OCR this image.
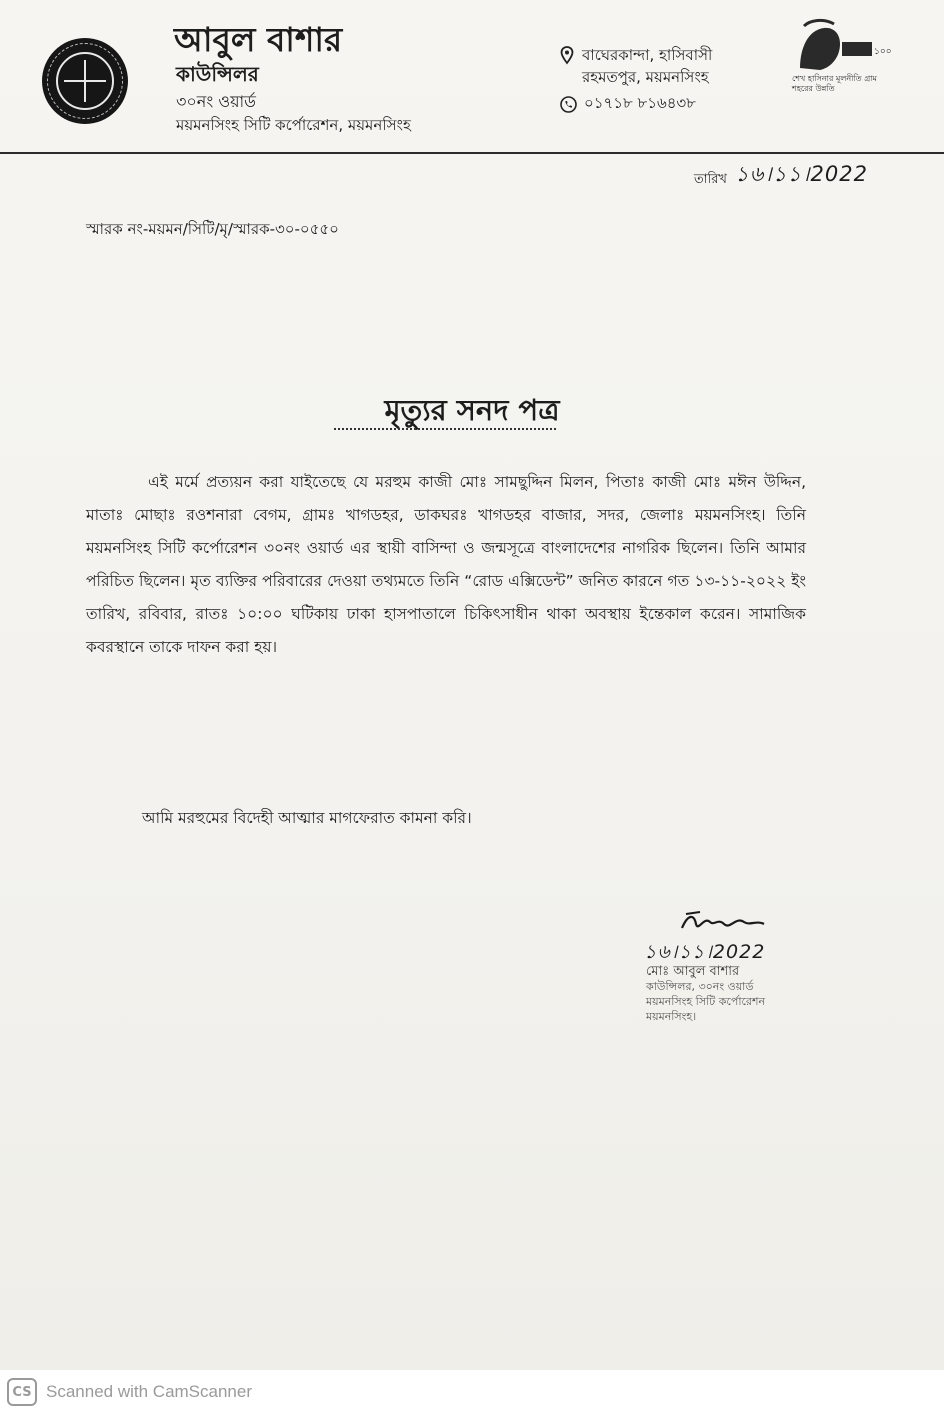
আবুল বাশার
কাউন্সিলর
৩০নং ওয়ার্ড
ময়মনসিংহ সিটি কর্পোরেশন, ময়মনসিংহ
বাঘেরকান্দা, হাসিবাসী
রহমতপুর, ময়মনসিংহ
০১৭১৮ ৮১৬৪৩৮
১০০
শেখ হাসিনার মূলনীতি গ্রাম শহরের উন্নতি
তারিখ ১৬।১১।2022
স্মারক নং-ময়মন/সিটি/মৃ/স্মারক-৩০-০৫৫০
মৃত্যুর সনদ পত্র

এই মর্মে প্রত্যয়ন করা যাইতেছে যে মরহুম কাজী মোঃ সামছুদ্দিন মিলন, পিতাঃ কাজী মোঃ মঈন উদ্দিন, মাতাঃ মোছাঃ রওশনারা বেগম, গ্রামঃ খাগডহর, ডাকঘরঃ খাগডহর বাজার, সদর, জেলাঃ ময়মনসিংহ। তিনি ময়মনসিংহ সিটি কর্পোরেশন ৩০নং ওয়ার্ড এর স্থায়ী বাসিন্দা ও জন্মসূত্রে বাংলাদেশের নাগরিক ছিলেন। তিনি আমার পরিচিত ছিলেন। মৃত ব্যক্তির পরিবারের দেওয়া তথ্যমতে তিনি “রোড এক্সিডেন্ট” জনিত কারনে গত ১৩-১১-২০২২ ইং তারিখ, রবিবার, রাতঃ ১০:০০ ঘটিকায় ঢাকা হাসপাতালে চিকিৎসাধীন থাকা অবস্থায় ইন্তেকাল করেন। সামাজিক কবরস্থানে তাকে দাফন করা হয়।

আমি মরহুমের বিদেহী আত্মার মাগফেরাত কামনা করি।
১৬।১১।2022
মোঃ আবুল বাশার
কাউন্সিলর, ৩০নং ওয়ার্ড
ময়মনসিংহ সিটি কর্পোরেশন
ময়মনসিংহ।
CS Scanned with CamScanner
